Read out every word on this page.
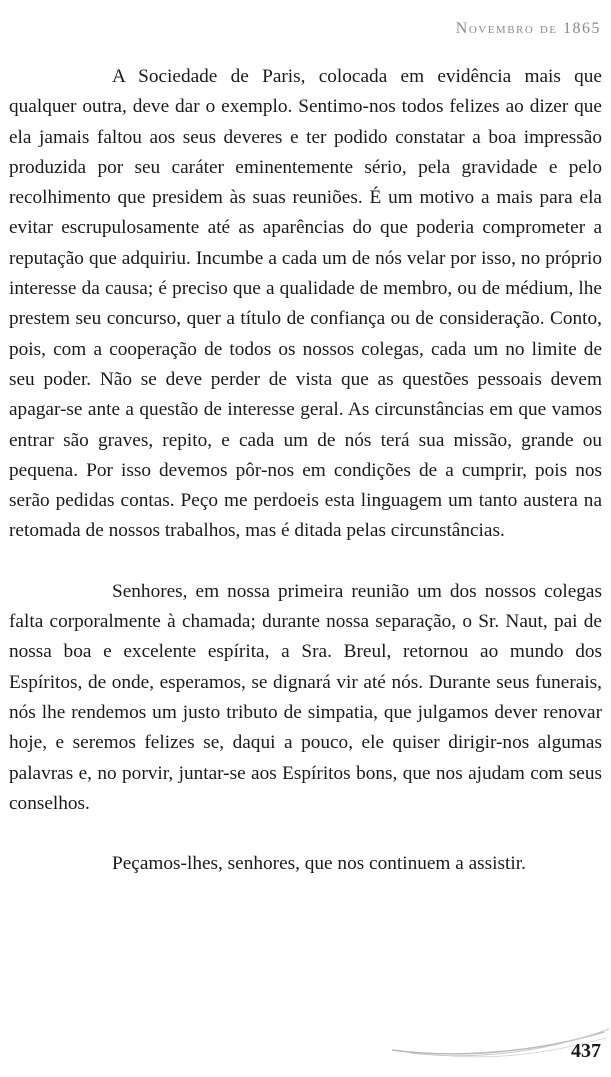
Novembro de 1865

A Sociedade de Paris, colocada em evidência mais que qualquer outra, deve dar o exemplo. Sentimo-nos todos felizes ao dizer que ela jamais faltou aos seus deveres e ter podido constatar a boa impressão produzida por seu caráter eminentemente sério, pela gravidade e pelo recolhimento que presidem às suas reuniões. É um motivo a mais para ela evitar escrupulosamente até as aparências do que poderia comprometer a reputação que adquiriu. Incumbe a cada um de nós velar por isso, no próprio interesse da causa; é preciso que a qualidade de membro, ou de médium, lhe prestem seu concurso, quer a título de confiança ou de consideração. Conto, pois, com a cooperação de todos os nossos colegas, cada um no limite de seu poder. Não se deve perder de vista que as questões pessoais devem apagar-se ante a questão de interesse geral. As circunstâncias em que vamos entrar são graves, repito, e cada um de nós terá sua missão, grande ou pequena. Por isso devemos pôr-nos em condições de a cumprir, pois nos serão pedidas contas. Peço me perdoeis esta linguagem um tanto austera na retomada de nossos trabalhos, mas é ditada pelas circunstâncias.

Senhores, em nossa primeira reunião um dos nossos colegas falta corporalmente à chamada; durante nossa separação, o Sr. Naut, pai de nossa boa e excelente espírita, a Sra. Breul, retornou ao mundo dos Espíritos, de onde, esperamos, se dignará vir até nós. Durante seus funerais, nós lhe rendemos um justo tributo de simpatia, que julgamos dever renovar hoje, e seremos felizes se, daqui a pouco, ele quiser dirigir-nos algumas palavras e, no porvir, juntar-se aos Espíritos bons, que nos ajudam com seus conselhos.

Peçamos-lhes, senhores, que nos continuem a assistir.

437
